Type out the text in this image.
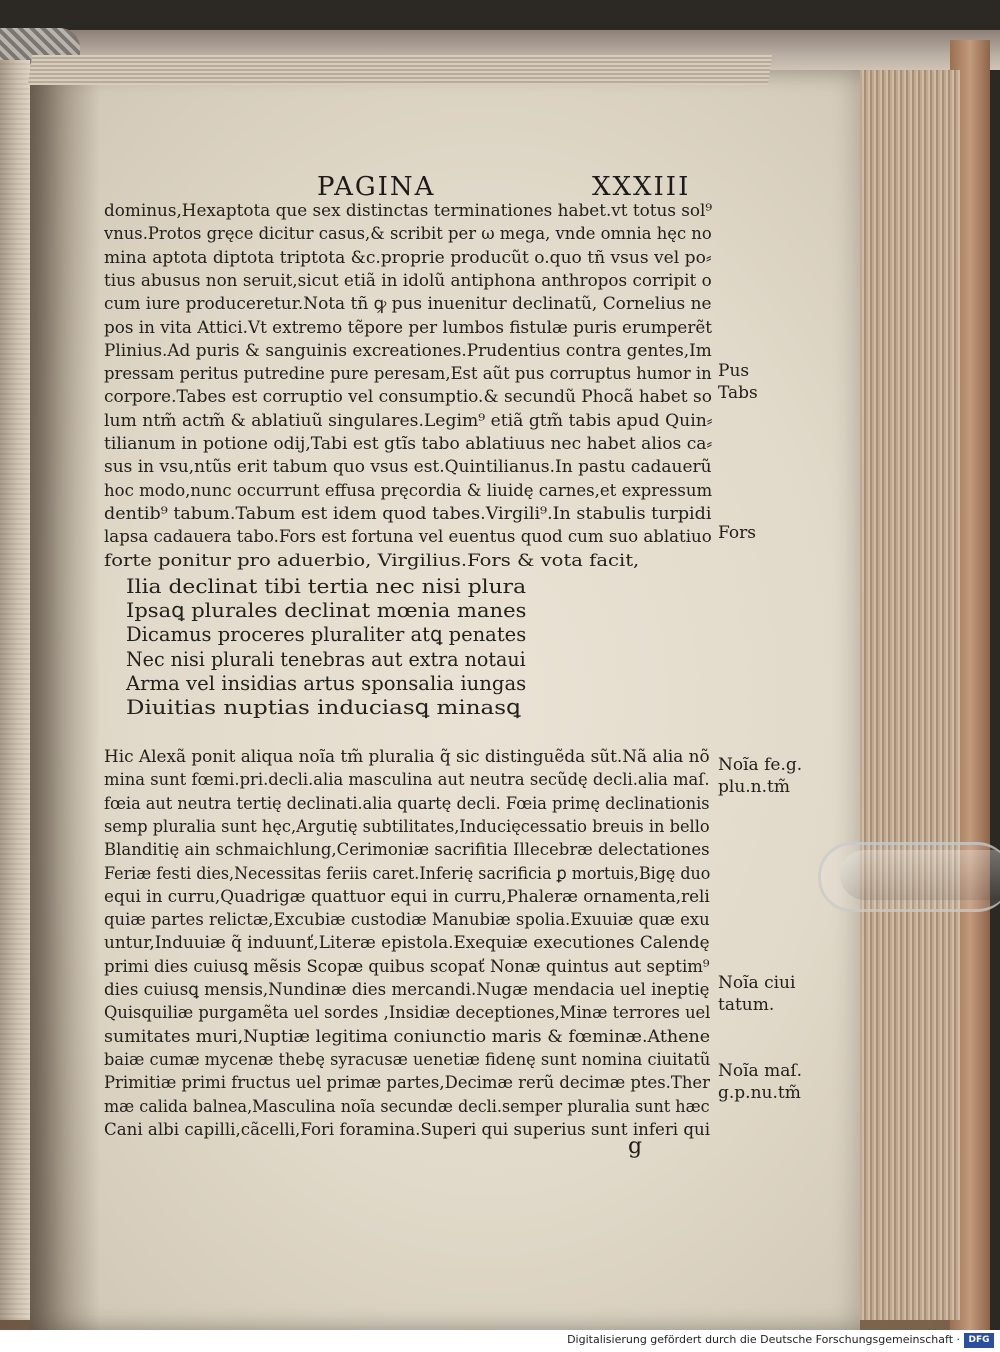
PAGINA	XXXIII
dominus,Hexaptota que sex distinctas terminationes habet.vt totus sol⁹
vnus.Protos gręce dicitur casus,& scribit per ω mega, vnde omnia hęc no
mina aptota diptota triptota &c.proprie producũt o.quo tñ vsus vel po⸗
tius abusus non seruit,sicut etiã in idolũ antiphona anthropos corripit o
cum iure produceretur.Nota tñ ꝙ pus inuenitur declinatũ, Cornelius ne
pos in vita Attici.Vt extremo tẽpore per lumbos fistulæ puris erumperẽt
Plinius.Ad puris & sanguinis excreationes.Prudentius contra gentes,Im
pressam peritus putredine pure peresam,Est aũt pus corruptus humor in
corpore.Tabes est corruptio vel consumptio.& secundũ Phocã habet so
lum ntm̃ actm̃ & ablatiuũ singulares.Legim⁹ etiã gtm̃ tabis apud Quin⸗
tilianum in potione odij,Tabi est gtĩs tabo ablatiuus nec habet alios ca⸗
sus in vsu,ntũs erit tabum quo vsus est.Quintilianus.In pastu cadauerũ
hoc modo,nunc occurrunt effusa pręcordia & liuidę carnes,et expressum
dentib⁹ tabum.Tabum est idem quod tabes.Virgili⁹.In stabulis turpidi
lapsa cadauera tabo.Fors est fortuna vel euentus quod cum suo ablatiuo
forte ponitur pro aduerbio, Virgilius.Fors & vota facit,
Ilia declinat tibi tertia nec nisi plura
Ipsaꝗ plurales declinat mœnia manes
Dicamus proceres pluraliter atꝗ penates
Nec nisi plurali tenebras aut extra notaui
Arma vel insidias artus sponsalia iungas
Diuitias nuptias induciasꝗ minasꝗ
Hic Alexã ponit aliqua noĩa tm̃ pluralia q̃ sic distinguẽda sũt.Nã alia nõ
mina sunt fœmi.pri.decli.alia masculina aut neutra secũdę decli.alia maſ.
fœia aut neutra tertię declinati.alia quartę decli. Fœia primę declinationis
semp pluralia sunt hęc,Argutię subtilitates,Inducięcessatio breuis in bello
Blanditię ain schmaichlung,Cerimoniæ sacrifitia Illecebræ delectationes
Feriæ festi dies,Necessitas feriis caret.Inferię sacrificia ꝑ mortuis,Bigę duo
equi in curru,Quadrigæ quattuor equi in curru,Phaleræ ornamenta,reli
quiæ partes relictæ,Excubiæ custodiæ Manubiæ spolia.Exuuiæ quæ exu
untur,Induuiæ q̃ induunť,Literæ epistola.Exequiæ executiones Calendę
primi dies cuiusꝗ mẽsis Scopæ quibus scopať Nonæ quintus aut septim⁹
dies cuiusꝗ mensis,Nundinæ dies mercandi.Nugæ mendacia uel ineptię
Quisquiliæ purgamẽta uel sordes ,Insidiæ deceptiones,Minæ terrores uel
sumitates muri,Nuptiæ legitima coniunctio maris & fœminæ.Athene
baiæ cumæ mycenæ thebę syracusæ uenetiæ fidenę sunt nomina ciuitatũ
Primitiæ primi fructus uel primæ partes,Decimæ rerũ decimæ ptes.Ther
mæ calida balnea,Masculina noĩa secundæ decli.semper pluralia sunt hæc
Cani albi capilli,cãcelli,Fori foramina.Superi qui superius sunt inferi qui
Pus
Tabs
Fors
Noĩa fe.g.
plu.n.tm̃
Noĩa ciui
tatum.
Noĩa maſ.
g.p.nu.tm̃
g
Digitalisierung gefördert durch die Deutsche Forschungsgemeinschaft · DFG
